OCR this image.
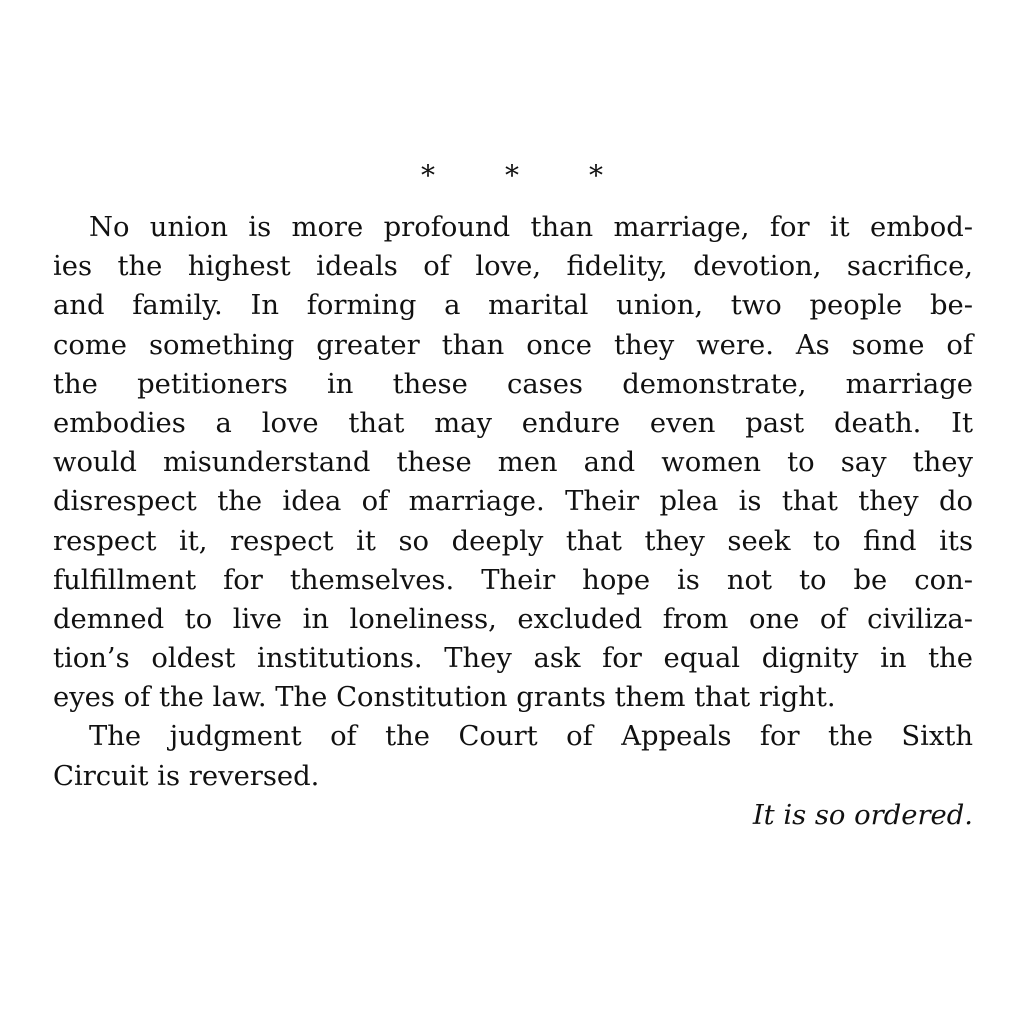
*	*	*
No union is more profound than marriage, for it embod-
ies the highest ideals of love, fidelity, devotion, sacrifice,
and family. In forming a marital union, two people be-
come something greater than once they were. As some of
the petitioners in these cases demonstrate, marriage
embodies a love that may endure even past death. It
would misunderstand these men and women to say they
disrespect the idea of marriage. Their plea is that they do
respect it, respect it so deeply that they seek to find its
fulfillment for themselves. Their hope is not to be con-
demned to live in loneliness, excluded from one of civiliza-
tion’s oldest institutions. They ask for equal dignity in the
eyes of the law. The Constitution grants them that right.
The judgment of the Court of Appeals for the Sixth
Circuit is reversed.
It is so ordered.
